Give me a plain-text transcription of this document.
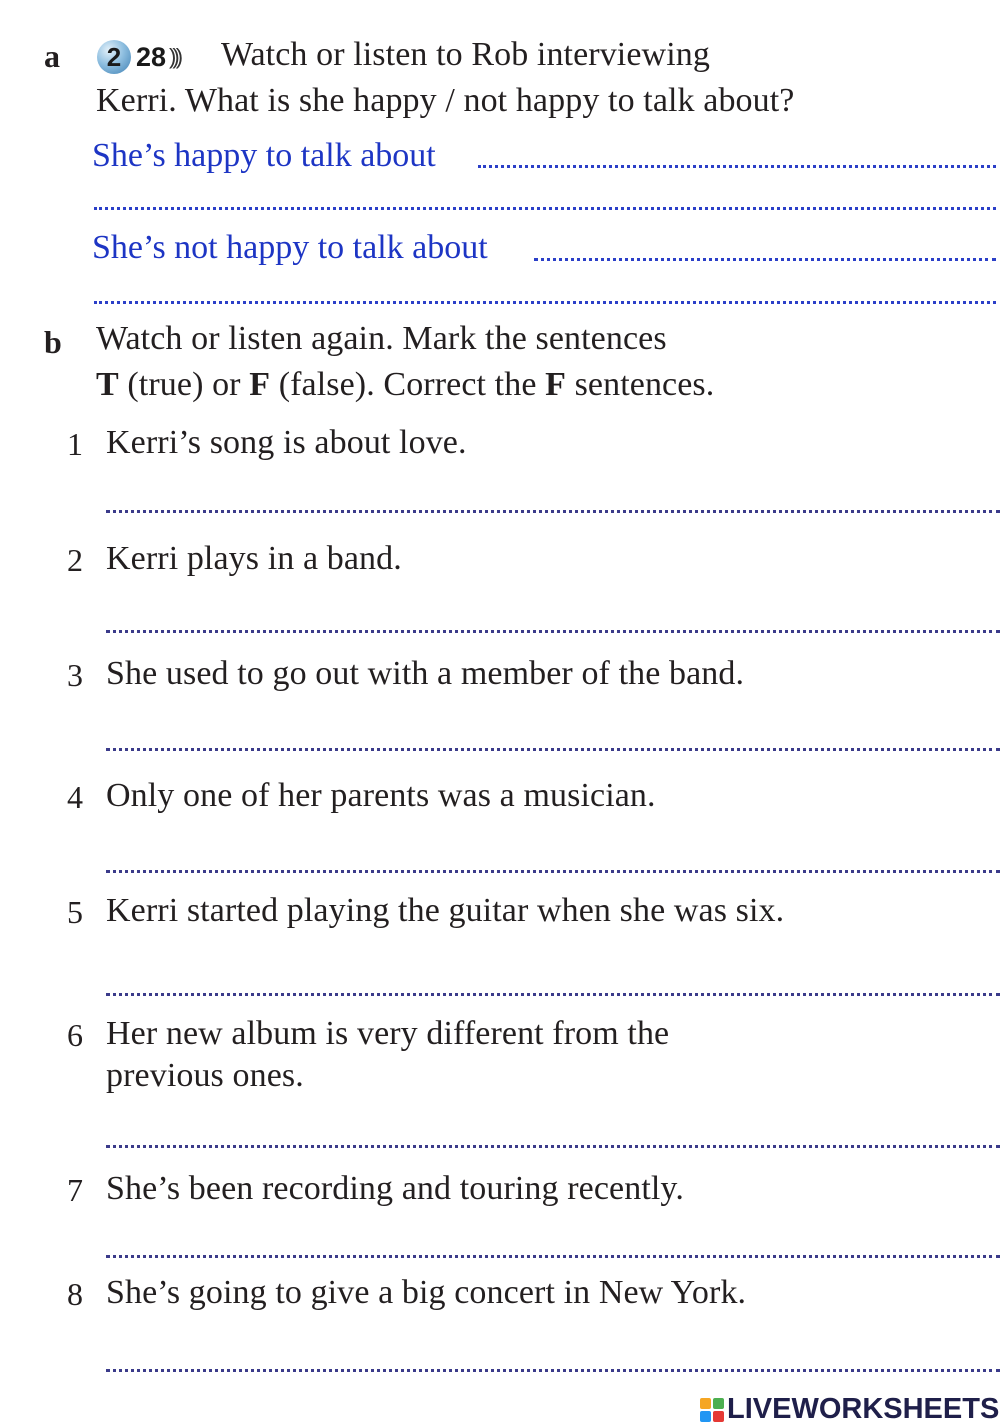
a 2 28 ))) Watch or listen to Rob interviewing
Kerri. What is she happy / not happy to talk about?
She’s happy to talk about
She’s not happy to talk about
b Watch or listen again. Mark the sentences
T (true) or F (false). Correct the F sentences.
1 Kerri’s song is about love.
2 Kerri plays in a band.
3 She used to go out with a member of the band.
4 Only one of her parents was a musician.
5 Kerri started playing the guitar when she was six.
6 Her new album is very different from the
previous ones.
7 She’s been recording and touring recently.
8 She’s going to give a big concert in New York.
LIVEWORKSHEETS
